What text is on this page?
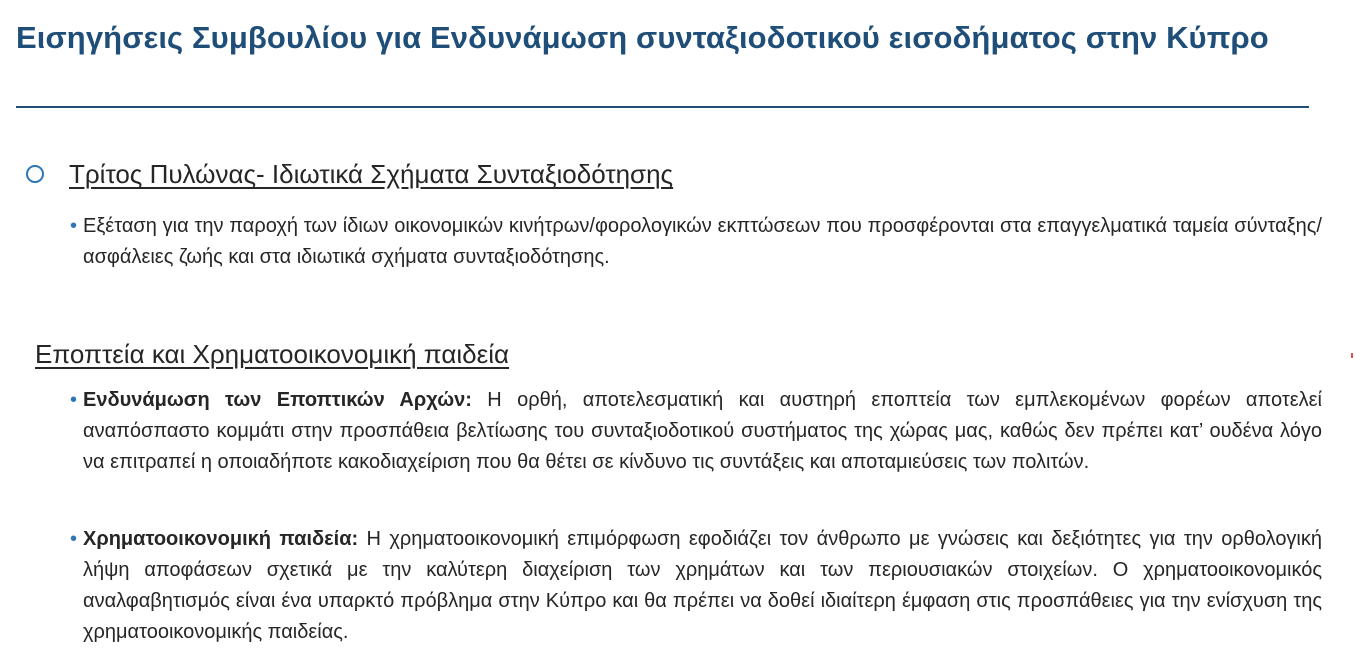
Εισηγήσεις Συμβουλίου για Ενδυνάμωση συνταξιοδοτικού εισοδήματος στην Κύπρο
Τρίτος Πυλώνας- Ιδιωτικά Σχήματα Συνταξιοδότησης
• Εξέταση για την παροχή των ίδιων οικονομικών κινήτρων/φορολογικών εκπτώσεων που προσφέρονται στα επαγγελματικά ταμεία σύνταξης/ασφάλειες ζωής και στα ιδιωτικά σχήματα συνταξιοδότησης.

Εποπτεία και Χρηματοοικονομική παιδεία
• Ενδυνάμωση των Εποπτικών Αρχών: Η ορθή, αποτελεσματική και αυστηρή εποπτεία των εμπλεκομένων φορέων αποτελεί αναπόσπαστο κομμάτι στην προσπάθεια βελτίωσης του συνταξιοδοτικού συστήματος της χώρας μας, καθώς δεν πρέπει κατ’ ουδένα λόγο να επιτραπεί η οποιαδήποτε κακοδιαχείριση που θα θέτει σε κίνδυνο τις συντάξεις και αποταμιεύσεις των πολιτών.

• Χρηματοοικονομική παιδεία: Η χρηματοοικονομική επιμόρφωση εφοδιάζει τον άνθρωπο με γνώσεις και δεξιότητες για την ορθολογική λήψη αποφάσεων σχετικά με την καλύτερη διαχείριση των χρημάτων και των περιουσιακών στοιχείων. Ο χρηματοοικονομικός αναλφαβητισμός είναι ένα υπαρκτό πρόβλημα στην Κύπρο και θα πρέπει να δοθεί ιδιαίτερη έμφαση στις προσπάθειες για την ενίσχυση της χρηματοοικονομικής παιδείας.
